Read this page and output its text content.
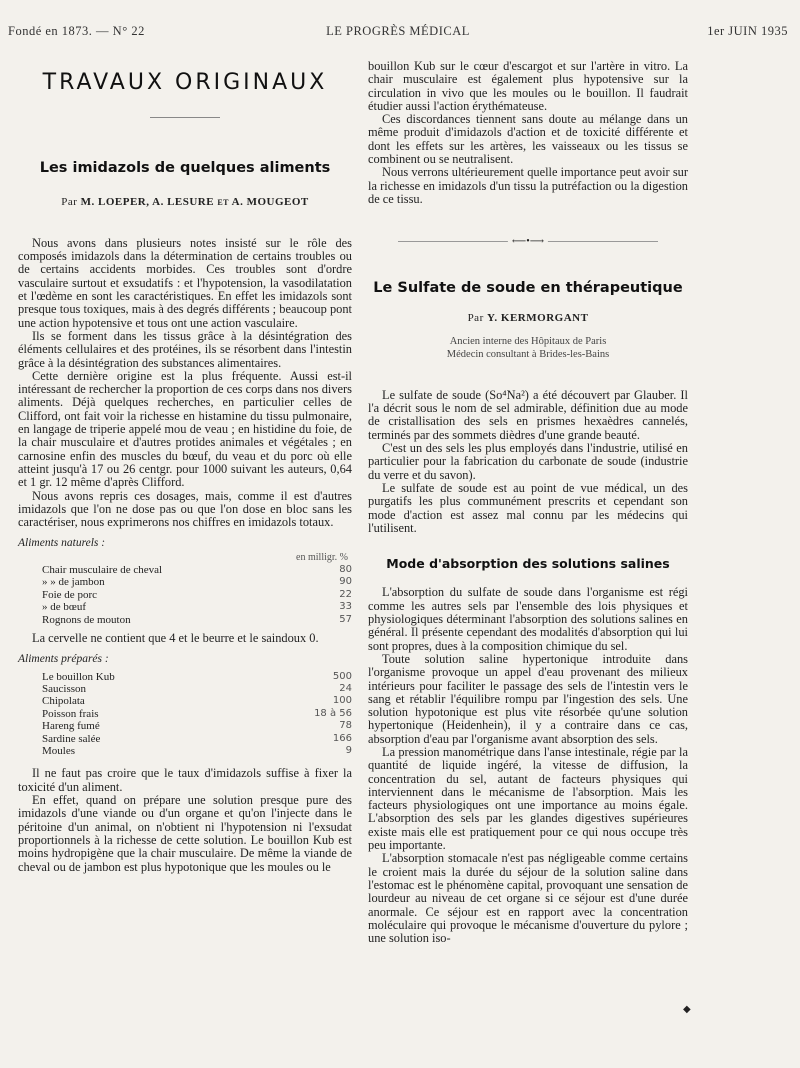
Fondé en 1873. — N° 22	LE PROGRÈS MÉDICAL	1er JUIN 1935
TRAVAUX ORIGINAUX
Les imidazols de quelques aliments
Par M. LOEPER, A. LESURE et A. MOUGEOT

Nous avons dans plusieurs notes insisté sur le rôle des composés imidazols dans la détermination de certains troubles ou de certains accidents morbides. Ces troubles sont d'ordre vasculaire surtout et exsudatifs : et l'hypotension, la vasodilatation et l'œdème en sont les caractéristiques. En effet les imidazols sont presque tous toxiques, mais à des degrés différents ; beaucoup pont une action hypotensive et tous ont une action vasculaire.

Ils se forment dans les tissus grâce à la désintégration des éléments cellulaires et des protéines, ils se résorbent dans l'intestin grâce à la désintégration des substances alimentaires.

Cette dernière origine est la plus fréquente. Aussi est-il intéressant de rechercher la proportion de ces corps dans nos divers aliments. Déjà quelques recherches, en particulier celles de Clifford, ont fait voir la richesse en histamine du tissu pulmonaire, en langage de triperie appelé mou de veau ; en histidine du foie, de la chair musculaire et d'autres protides animales et végétales ; en carnosine enfin des muscles du bœuf, du veau et du porc où elle atteint jusqu'à 17 ou 26 centgr. pour 1000 suivant les auteurs, 0,64 et 1 gr. 12 même d'après Clifford.

Nous avons repris ces dosages, mais, comme il est d'autres imidazols que l'on ne dose pas ou que l'on dose en bloc sans les caractériser, nous exprimerons nos chiffres en imidazols totaux.

Aliments naturels :

en milligr. %
Chair musculaire de cheval	80
» » de jambon	90
Foie de porc	22
» de bœuf	33
Rognons de mouton	57

La cervelle ne contient que 4 et le beurre et le saindoux 0.

Aliments préparés :

Le bouillon Kub	500
Saucisson	24
Chipolata	100
Poisson frais	18 à 56
Hareng fumé	78
Sardine salée	166
Moules	9

Il ne faut pas croire que le taux d'imidazols suffise à fixer la toxicité d'un aliment.

En effet, quand on prépare une solution presque pure des imidazols d'une viande ou d'un organe et qu'on l'injecte dans le péritoine d'un animal, on n'obtient ni l'hypotension ni l'exsudat proportionnels à la richesse de cette solution. Le bouillon Kub est moins hydropigène que la chair musculaire. De même la viande de cheval ou de jambon est plus hypotonique que les moules ou le

bouillon Kub sur le cœur d'escargot et sur l'artère in vitro. La chair musculaire est également plus hypotensive sur la circulation in vivo que les moules ou le bouillon. Il faudrait étudier aussi l'action érythémateuse.

Ces discordances tiennent sans doute au mélange dans un même produit d'imidazols d'action et de toxicité différente et dont les effets sur les artères, les vaisseaux ou les tissus se combinent ou se neutralisent.

Nous verrons ultérieurement quelle importance peut avoir sur la richesse en imidazols d'un tissu la putréfaction ou la digestion de ce tissu.

⟵•⟶
Le Sulfate de soude en thérapeutique
Par Y. KERMORGANT
Ancien interne des Hôpitaux de Paris
Médecin consultant à Brides-les-Bains

Le sulfate de soude (So⁴Na²) a été découvert par Glauber. Il l'a décrit sous le nom de sel admirable, définition due au mode de cristallisation des sels en prismes hexaèdres cannelés, terminés par des sommets dièdres d'une grande beauté.

C'est un des sels les plus employés dans l'industrie, utilisé en particulier pour la fabrication du carbonate de soude (industrie du verre et du savon).

Le sulfate de soude est au point de vue médical, un des purgatifs les plus communément prescrits et cependant son mode d'action est assez mal connu par les médecins qui l'utilisent.

Mode d'absorption des solutions salines

L'absorption du sulfate de soude dans l'organisme est régi comme les autres sels par l'ensemble des lois physiques et physiologiques déterminant l'absorption des solutions salines en général. Il présente cependant des modalités d'absorption qui lui sont propres, dues à la composition chimique du sel.

Toute solution saline hypertonique introduite dans l'organisme provoque un appel d'eau provenant des milieux intérieurs pour faciliter le passage des sels de l'intestin vers le sang et rétablir l'équilibre rompu par l'ingestion des sels. Une solution hypotonique est plus vite résorbée qu'une solution hypertonique (Heidenhein), il y a contraire dans ce cas, absorption d'eau par l'organisme avant absorption des sels.

La pression manométrique dans l'anse intestinale, régie par la quantité de liquide ingéré, la vitesse de diffusion, la concentration du sel, autant de facteurs physiques qui interviennent dans le mécanisme de l'absorption. Mais les facteurs physiologiques ont une importance au moins égale. L'absorption des sels par les glandes digestives supérieures existe mais elle est pratiquement pour ce qui nous occupe très peu importante.

L'absorption stomacale n'est pas négligeable comme certains le croient mais la durée du séjour de la solution saline dans l'estomac est le phénomène capital, provoquant une sensation de lourdeur au niveau de cet organe si ce séjour est d'une durée anormale. Ce séjour est en rapport avec la concentration moléculaire qui provoque le mécanisme d'ouverture du pylore ; une solution iso-

◆
